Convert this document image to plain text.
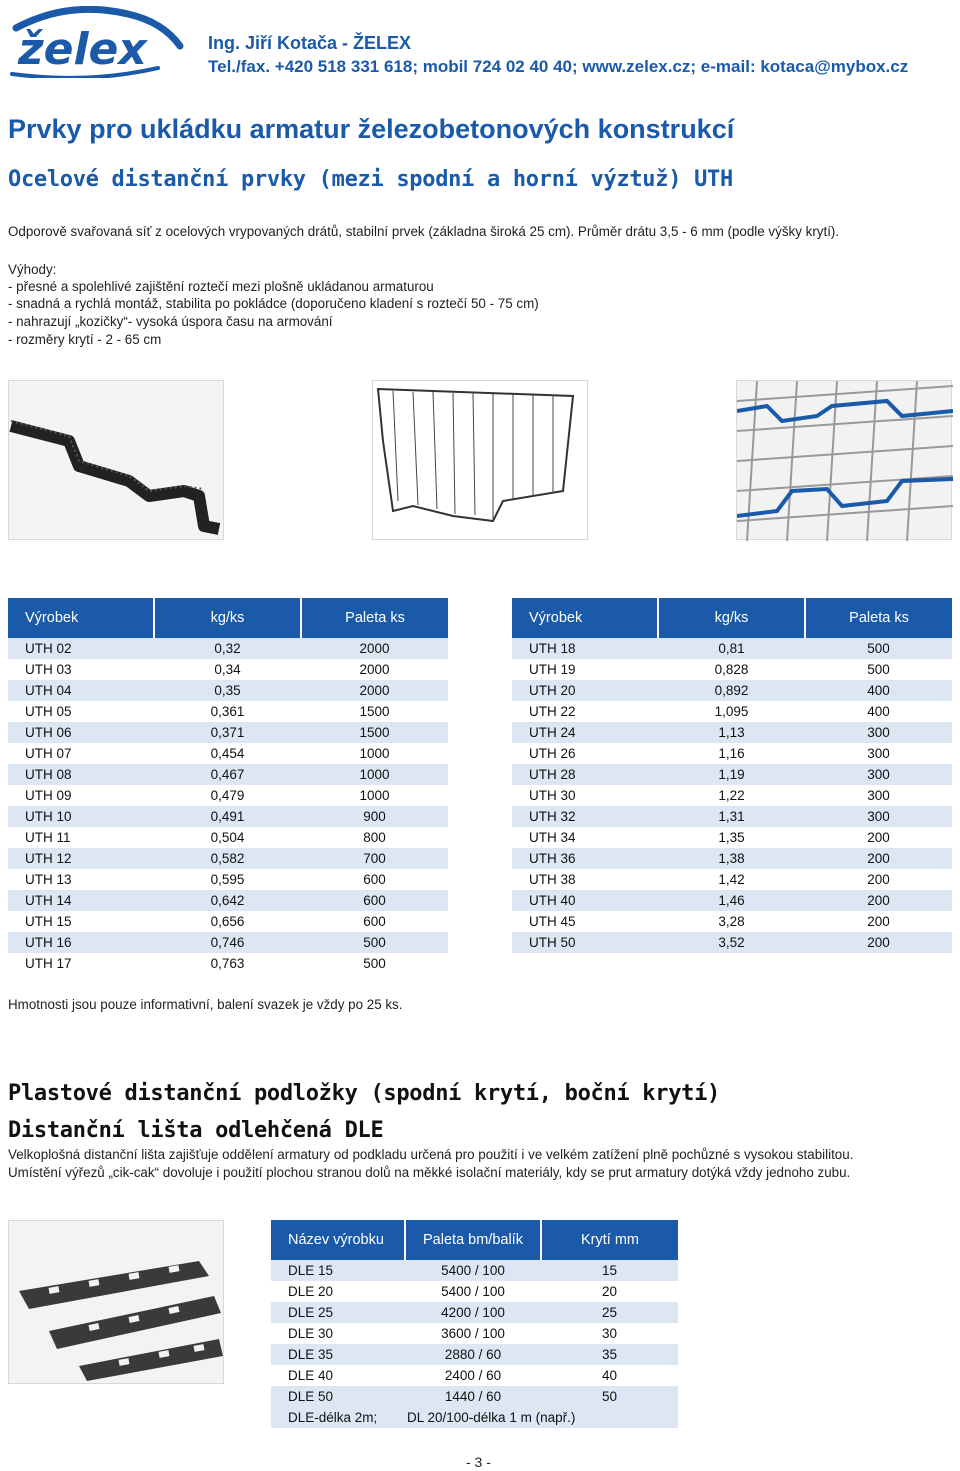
želex	Ing. Jiří Kotača - ŽELEX
Tel./fax. +420 518 331 618; mobil 724 02 40 40; www.zelex.cz; e-mail: kotaca@mybox.cz
Prvky pro ukládku armatur železobetonových konstrukcí
Ocelové distanční prvky (mezi spodní a horní výztuž) UTH
Odporově svařovaná síť z ocelových vrypovaných drátů, stabilní prvek (základna široká 25 cm). Průměr drátu 3,5 - 6 mm (podle výšky krytí).
Výhody:
- přesné a spolehlivé zajištění roztečí mezi plošně ukládanou armaturou
- snadná a rychlá montáž, stabilita po pokládce (doporučeno kladení s roztečí 50 - 75 cm)
- nahrazují „kozičky“- vysoká úspora času na armování
- rozměry krytí - 2 - 65 cm
Výrobek	kg/ks	Paleta ks
UTH 02	0,32	2000
UTH 03	0,34	2000
UTH 04	0,35	2000
UTH 05	0,361	1500
UTH 06	0,371	1500
UTH 07	0,454	1000
UTH 08	0,467	1000
UTH 09	0,479	1000
UTH 10	0,491	900
UTH 11	0,504	800
UTH 12	0,582	700
UTH 13	0,595	600
UTH 14	0,642	600
UTH 15	0,656	600
UTH 16	0,746	500
UTH 17	0,763	500
Výrobek	kg/ks	Paleta ks
UTH 18	0,81	500
UTH 19	0,828	500
UTH 20	0,892	400
UTH 22	1,095	400
UTH 24	1,13	300
UTH 26	1,16	300
UTH 28	1,19	300
UTH 30	1,22	300
UTH 32	1,31	300
UTH 34	1,35	200
UTH 36	1,38	200
UTH 38	1,42	200
UTH 40	1,46	200
UTH 45	3,28	200
UTH 50	3,52	200
Hmotnosti jsou pouze informativní, balení svazek je vždy po 25 ks.
Plastové distanční podložky (spodní krytí, boční krytí)
Distanční lišta odlehčená DLE
Velkoplošná distanční lišta zajišťuje oddělení armatury od podkladu určená pro použití i ve velkém zatížení plně pochůzné s vysokou stabilitou.
Umístění výřezů „cik-cak“ dovoluje i použití plochou stranou dolů na měkké isolační materiály, kdy se prut armatury dotýká vždy jednoho zubu.
Název výrobku	Paleta bm/balík	Krytí mm
DLE 15	5400 / 100	15
DLE 20	5400 / 100	20
DLE 25	4200 / 100	25
DLE 30	3600 / 100	30
DLE 35	2880 / 60	35
DLE 40	2400 / 60	40
DLE 50	1440 / 60	50
DLE-délka 2m;	DL 20/100-délka 1 m (např.)	
- 3 -
